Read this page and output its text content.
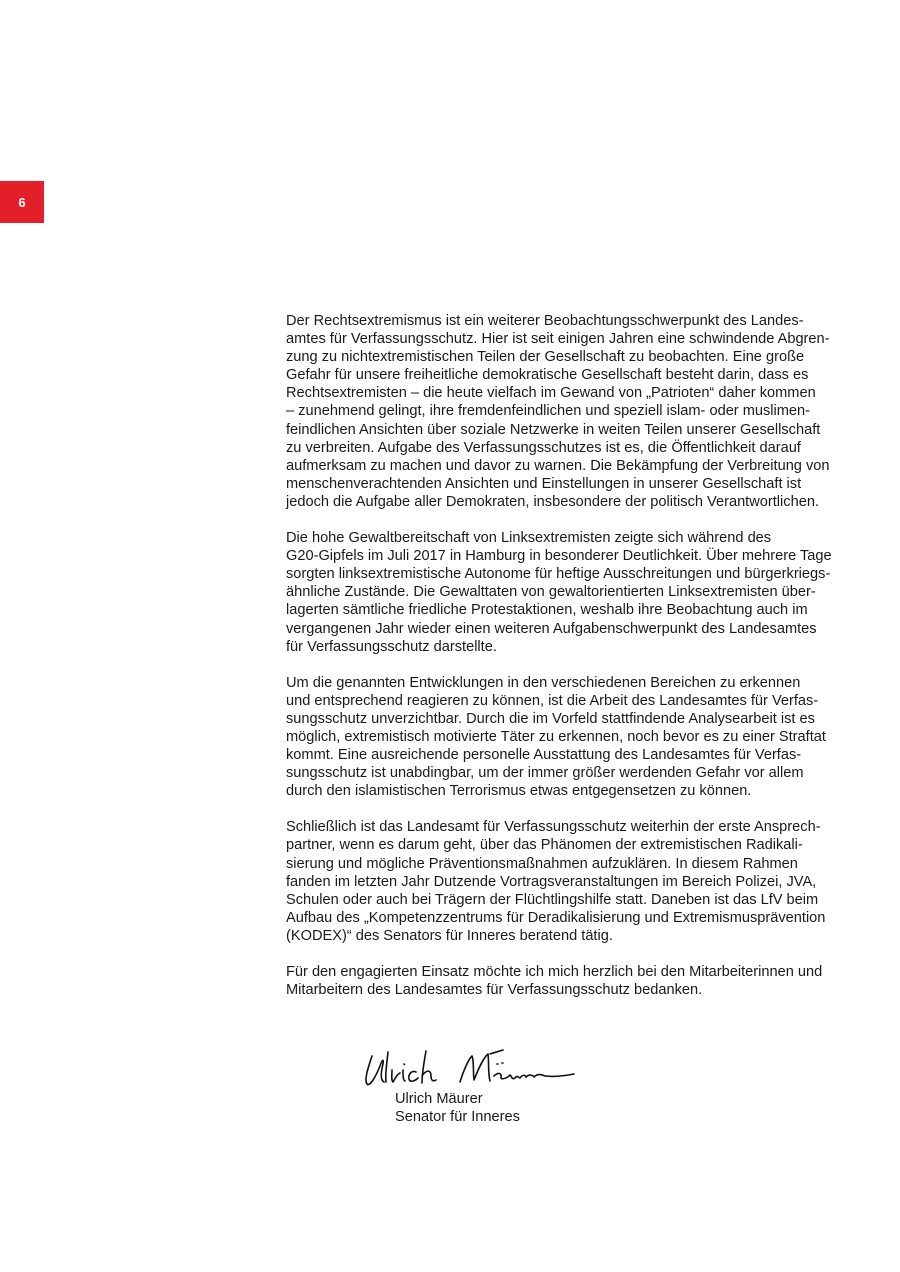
6

Der Rechtsextremismus ist ein weiterer Beobachtungsschwerpunkt des Landes-
amtes für Verfassungsschutz. Hier ist seit einigen Jahren eine schwindende Abgren-
zung zu nichtextremistischen Teilen der Gesellschaft zu beobachten. Eine große
Gefahr für unsere freiheitliche demokratische Gesellschaft besteht darin, dass es
Rechtsextremisten – die heute vielfach im Gewand von „Patrioten“ daher kommen
– zunehmend gelingt, ihre fremdenfeindlichen und speziell islam- oder muslimen-
feindlichen Ansichten über soziale Netzwerke in weiten Teilen unserer Gesellschaft
zu verbreiten. Aufgabe des Verfassungsschutzes ist es, die Öffentlichkeit darauf
aufmerksam zu machen und davor zu warnen. Die Bekämpfung der Verbreitung von
menschenverachtenden Ansichten und Einstellungen in unserer Gesellschaft ist
jedoch die Aufgabe aller Demokraten, insbesondere der politisch Verantwortlichen.

Die hohe Gewaltbereitschaft von Linksextremisten zeigte sich während des
G20-Gipfels im Juli 2017 in Hamburg in besonderer Deutlichkeit. Über mehrere Tage
sorgten linksextremistische Autonome für heftige Ausschreitungen und bürgerkriegs-
ähnliche Zustände. Die Gewalttaten von gewaltorientierten Linksextremisten über-
lagerten sämtliche friedliche Protestaktionen, weshalb ihre Beobachtung auch im
vergangenen Jahr wieder einen weiteren Aufgabenschwerpunkt des Landesamtes
für Verfassungsschutz darstellte.

Um die genannten Entwicklungen in den verschiedenen Bereichen zu erkennen
und entsprechend reagieren zu können, ist die Arbeit des Landesamtes für Verfas-
sungsschutz unverzichtbar. Durch die im Vorfeld stattfindende Analysearbeit ist es
möglich, extremistisch motivierte Täter zu erkennen, noch bevor es zu einer Straftat
kommt. Eine ausreichende personelle Ausstattung des Landesamtes für Verfas-
sungsschutz ist unabdingbar, um der immer größer werdenden Gefahr vor allem
durch den islamistischen Terrorismus etwas entgegensetzen zu können.

Schließlich ist das Landesamt für Verfassungsschutz weiterhin der erste Ansprech-
partner, wenn es darum geht, über das Phänomen der extremistischen Radikali-
sierung und mögliche Präventionsmaßnahmen aufzuklären. In diesem Rahmen
fanden im letzten Jahr Dutzende Vortragsveranstaltungen im Bereich Polizei, JVA,
Schulen oder auch bei Trägern der Flüchtlingshilfe statt. Daneben ist das LfV beim
Aufbau des „Kompetenzzentrums für Deradikalisierung und Extremismusprävention
(KODEX)“ des Senators für Inneres beratend tätig.

Für den engagierten Einsatz möchte ich mich herzlich bei den Mitarbeiterinnen und
Mitarbeitern des Landesamtes für Verfassungsschutz bedanken.

Ulrich Mäurer
Senator für Inneres
